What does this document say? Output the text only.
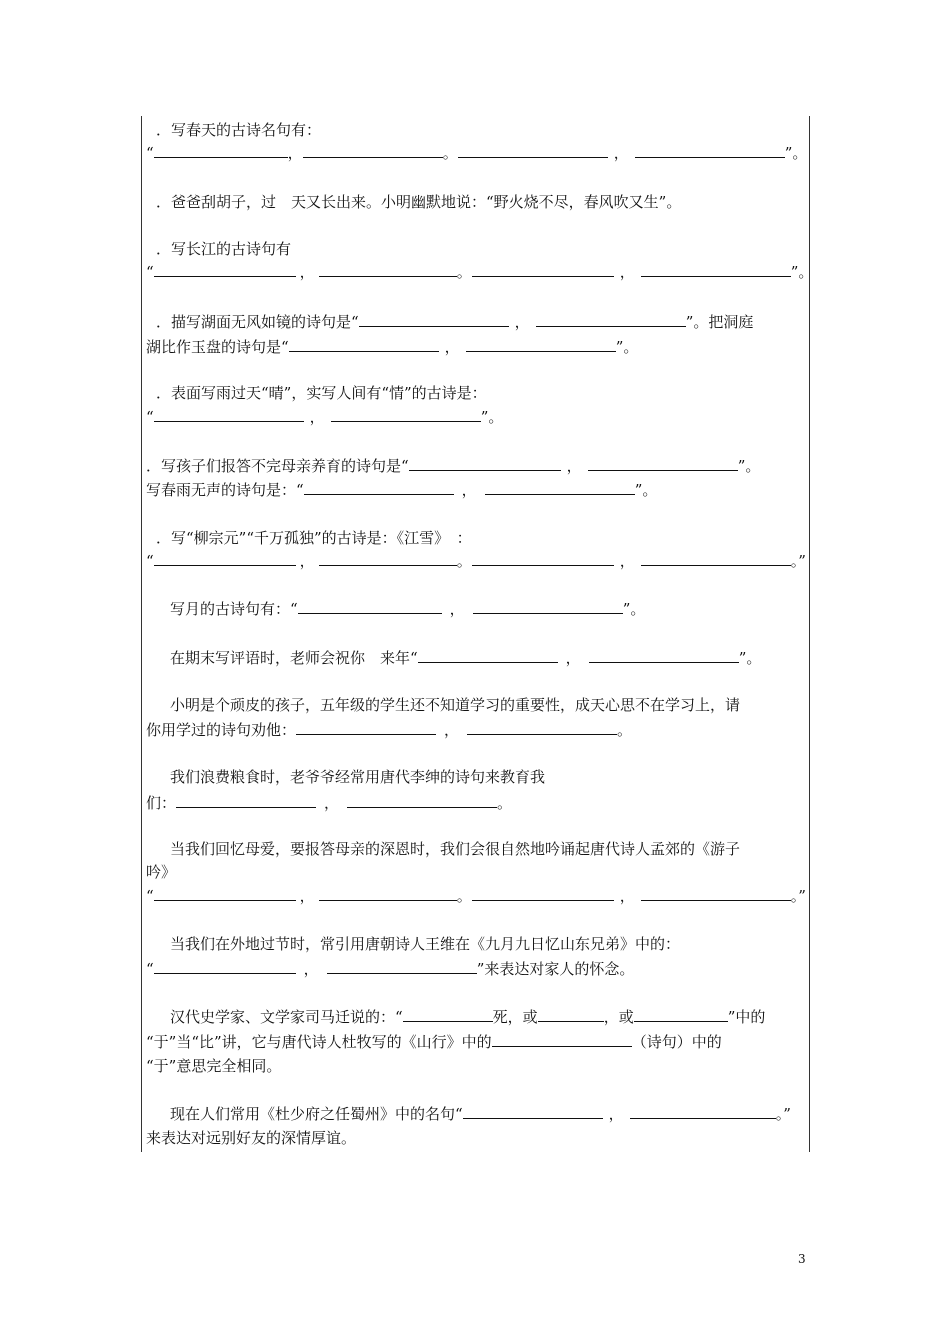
．写春天的古诗名句有：
“	，	。	，	”。
．爸爸刮胡子，过　天又长出来。小明幽默地说：“野火烧不尽，春风吹又生”。
．写长江的古诗句有
“	，	。	，	”。
．描写湖面无风如镜的诗句是“	，	”。把洞庭
湖比作玉盘的诗句是“	，	”。
．表面写雨过天“晴”，实写人间有“情”的古诗是：
“	，	”。
．写孩子们报答不完母亲养育的诗句是“	，	”。
写春雨无声的诗句是：“	，	”。
．写“柳宗元”“千万孤独”的古诗是：《江雪》　：
“	，	。	，	。”
写月的古诗句有：“	，	”。
在期末写评语时，老师会祝你　来年“	，	”。
小明是个顽皮的孩子，五年级的学生还不知道学习的重要性，成天心思不在学习上，请
你用学过的诗句劝他：	，	。
我们浪费粮食时，老爷爷经常用唐代李绅的诗句来教育我
们：	，	。
当我们回忆母爱，要报答母亲的深恩时，我们会很自然地吟诵起唐代诗人孟郊的《游子
吟》
“	，	。	，	。”
当我们在外地过节时，常引用唐朝诗人王维在《九月九日忆山东兄弟》中的：
“	，	”来表达对家人的怀念。
汉代史学家、文学家司马迁说的：“	死，或	，或	”中的
“于”当“比”讲，它与唐代诗人杜牧写的《山行》中的	（诗句）中的
“于”意思完全相同。
现在人们常用《杜少府之任蜀州》中的名句“	，	。”
来表达对远别好友的深情厚谊。
3
